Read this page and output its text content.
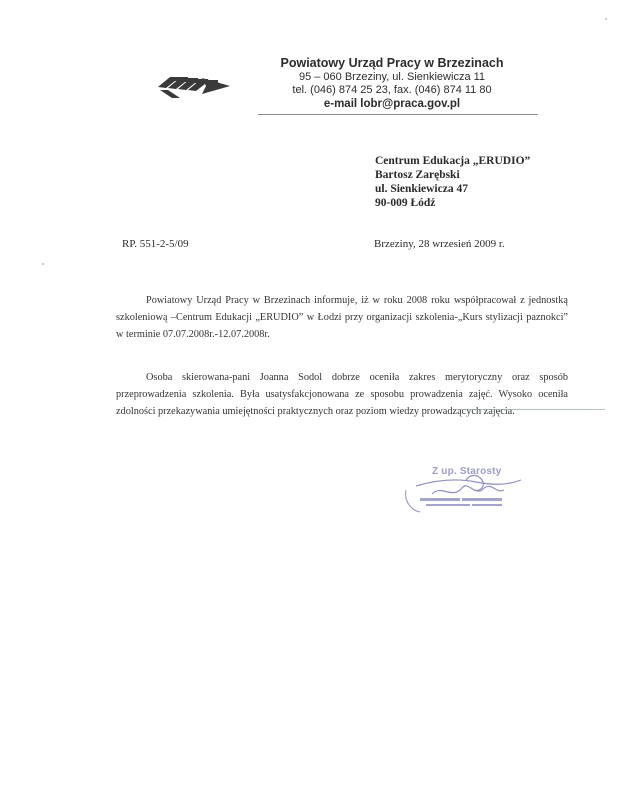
Powiatowy Urząd Pracy w Brzezinach
95 – 060 Brzeziny, ul. Sienkiewicza 11
tel. (046) 874 25 23, fax. (046) 874 11 80
e-mail lobr@praca.gov.pl
Centrum Edukacja „ERUDIO”
Bartosz Zarębski
ul. Sienkiewicza 47
90-009 Łódź
RP. 551-2-5/09	Brzeziny, 28 wrzesień 2009 r.
Powiatowy Urząd Pracy w Brzezinach informuje, iż w roku 2008 roku współpracował z jednostką szkoleniową –Centrum Edukacji „ERUDIO” w Łodzi przy organizacji szkolenia-„Kurs stylizacji paznokci” w terminie 07.07.2008r.-12.07.2008r.
Osoba skierowana-pani Joanna Sodol dobrze oceniła zakres merytoryczny oraz sposób przeprowadzenia szkolenia. Była usatysfakcjonowana ze sposobu prowadzenia zajęć. Wysoko oceniła zdolności przekazywania umiejętności praktycznych oraz poziom wiedzy prowadzących zajęcia.
Z up. Starosty
